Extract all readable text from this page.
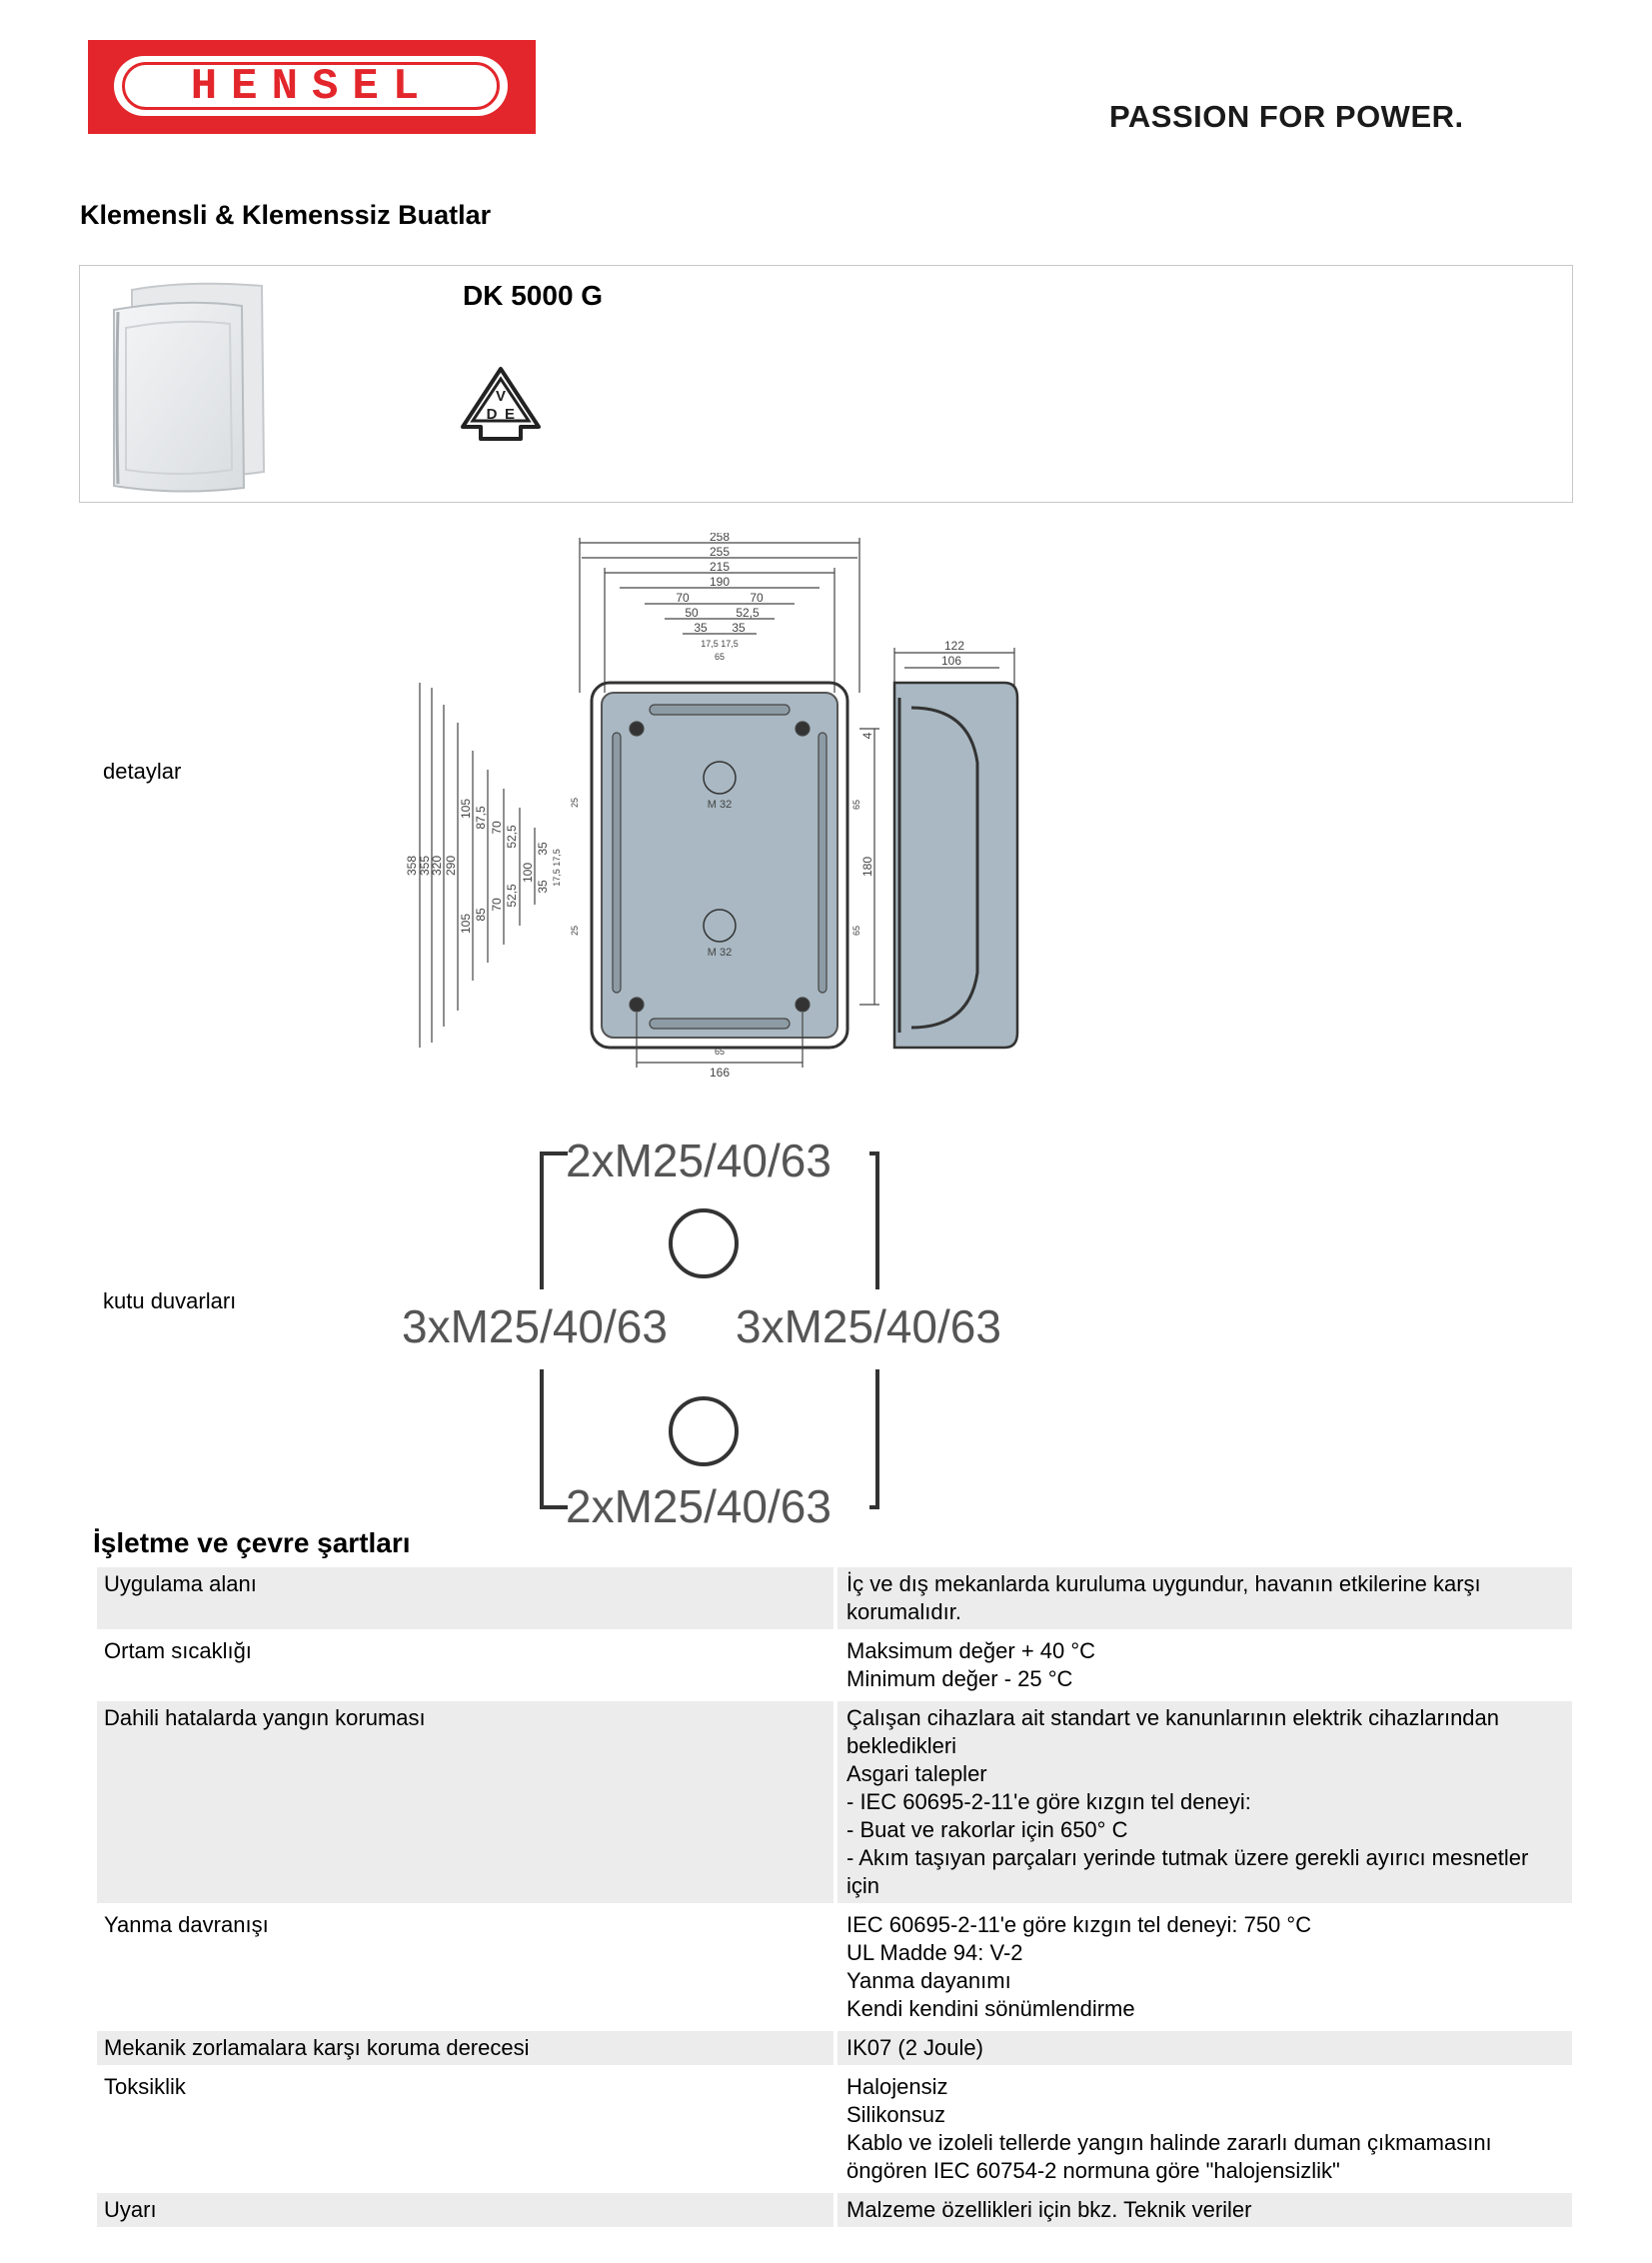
HENSEL
PASSION FOR POWER.
Klemensli & Klemenssiz Buatlar
DK 5000 G
V
D E
detaylar
258
255
215
190
70	70
50	52,5
35 35
17,5 17,5
65
122
106
166
65
M 32
M 32
358 355
320 290
105 87,5 70 52,5
105 85
70 52,5
100
35
35
17,5
17,5
25
25
4
180
65
65
kutu duvarları
2xM25/40/63
3xM25/40/63 3xM25/40/63
2xM25/40/63
İşletme ve çevre şartları
Uygulama alanı	İç ve dış mekanlarda kuruluma uygundur, havanın etkilerine karşı korumalıdır.

Ortam sıcaklığı	Maksimum değer + 40 °C
Minimum değer - 25 °C

Dahili hatalarda yangın koruması	Çalışan cihazlara ait standart ve kanunlarının elektrik cihazlarından bekledikleri
Asgari talepler
- IEC 60695-2-11'e göre kızgın tel deneyi:
- Buat ve rakorlar için 650° C
- Akım taşıyan parçaları yerinde tutmak üzere gerekli ayırıcı mesnetler için

Yanma davranışı	IEC 60695-2-11'e göre kızgın tel deneyi: 750 °C
UL Madde 94: V-2
Yanma dayanımı
Kendi kendini sönümlendirme

Mekanik zorlamalara karşı koruma derecesi	IK07 (2 Joule)

Toksiklik	Halojensiz
Silikonsuz
Kablo ve izoleli tellerde yangın halinde zararlı duman çıkmamasını öngören IEC 60754-2 normuna göre "halojensizlik"

Uyarı	Malzeme özellikleri için bkz. Teknik veriler
